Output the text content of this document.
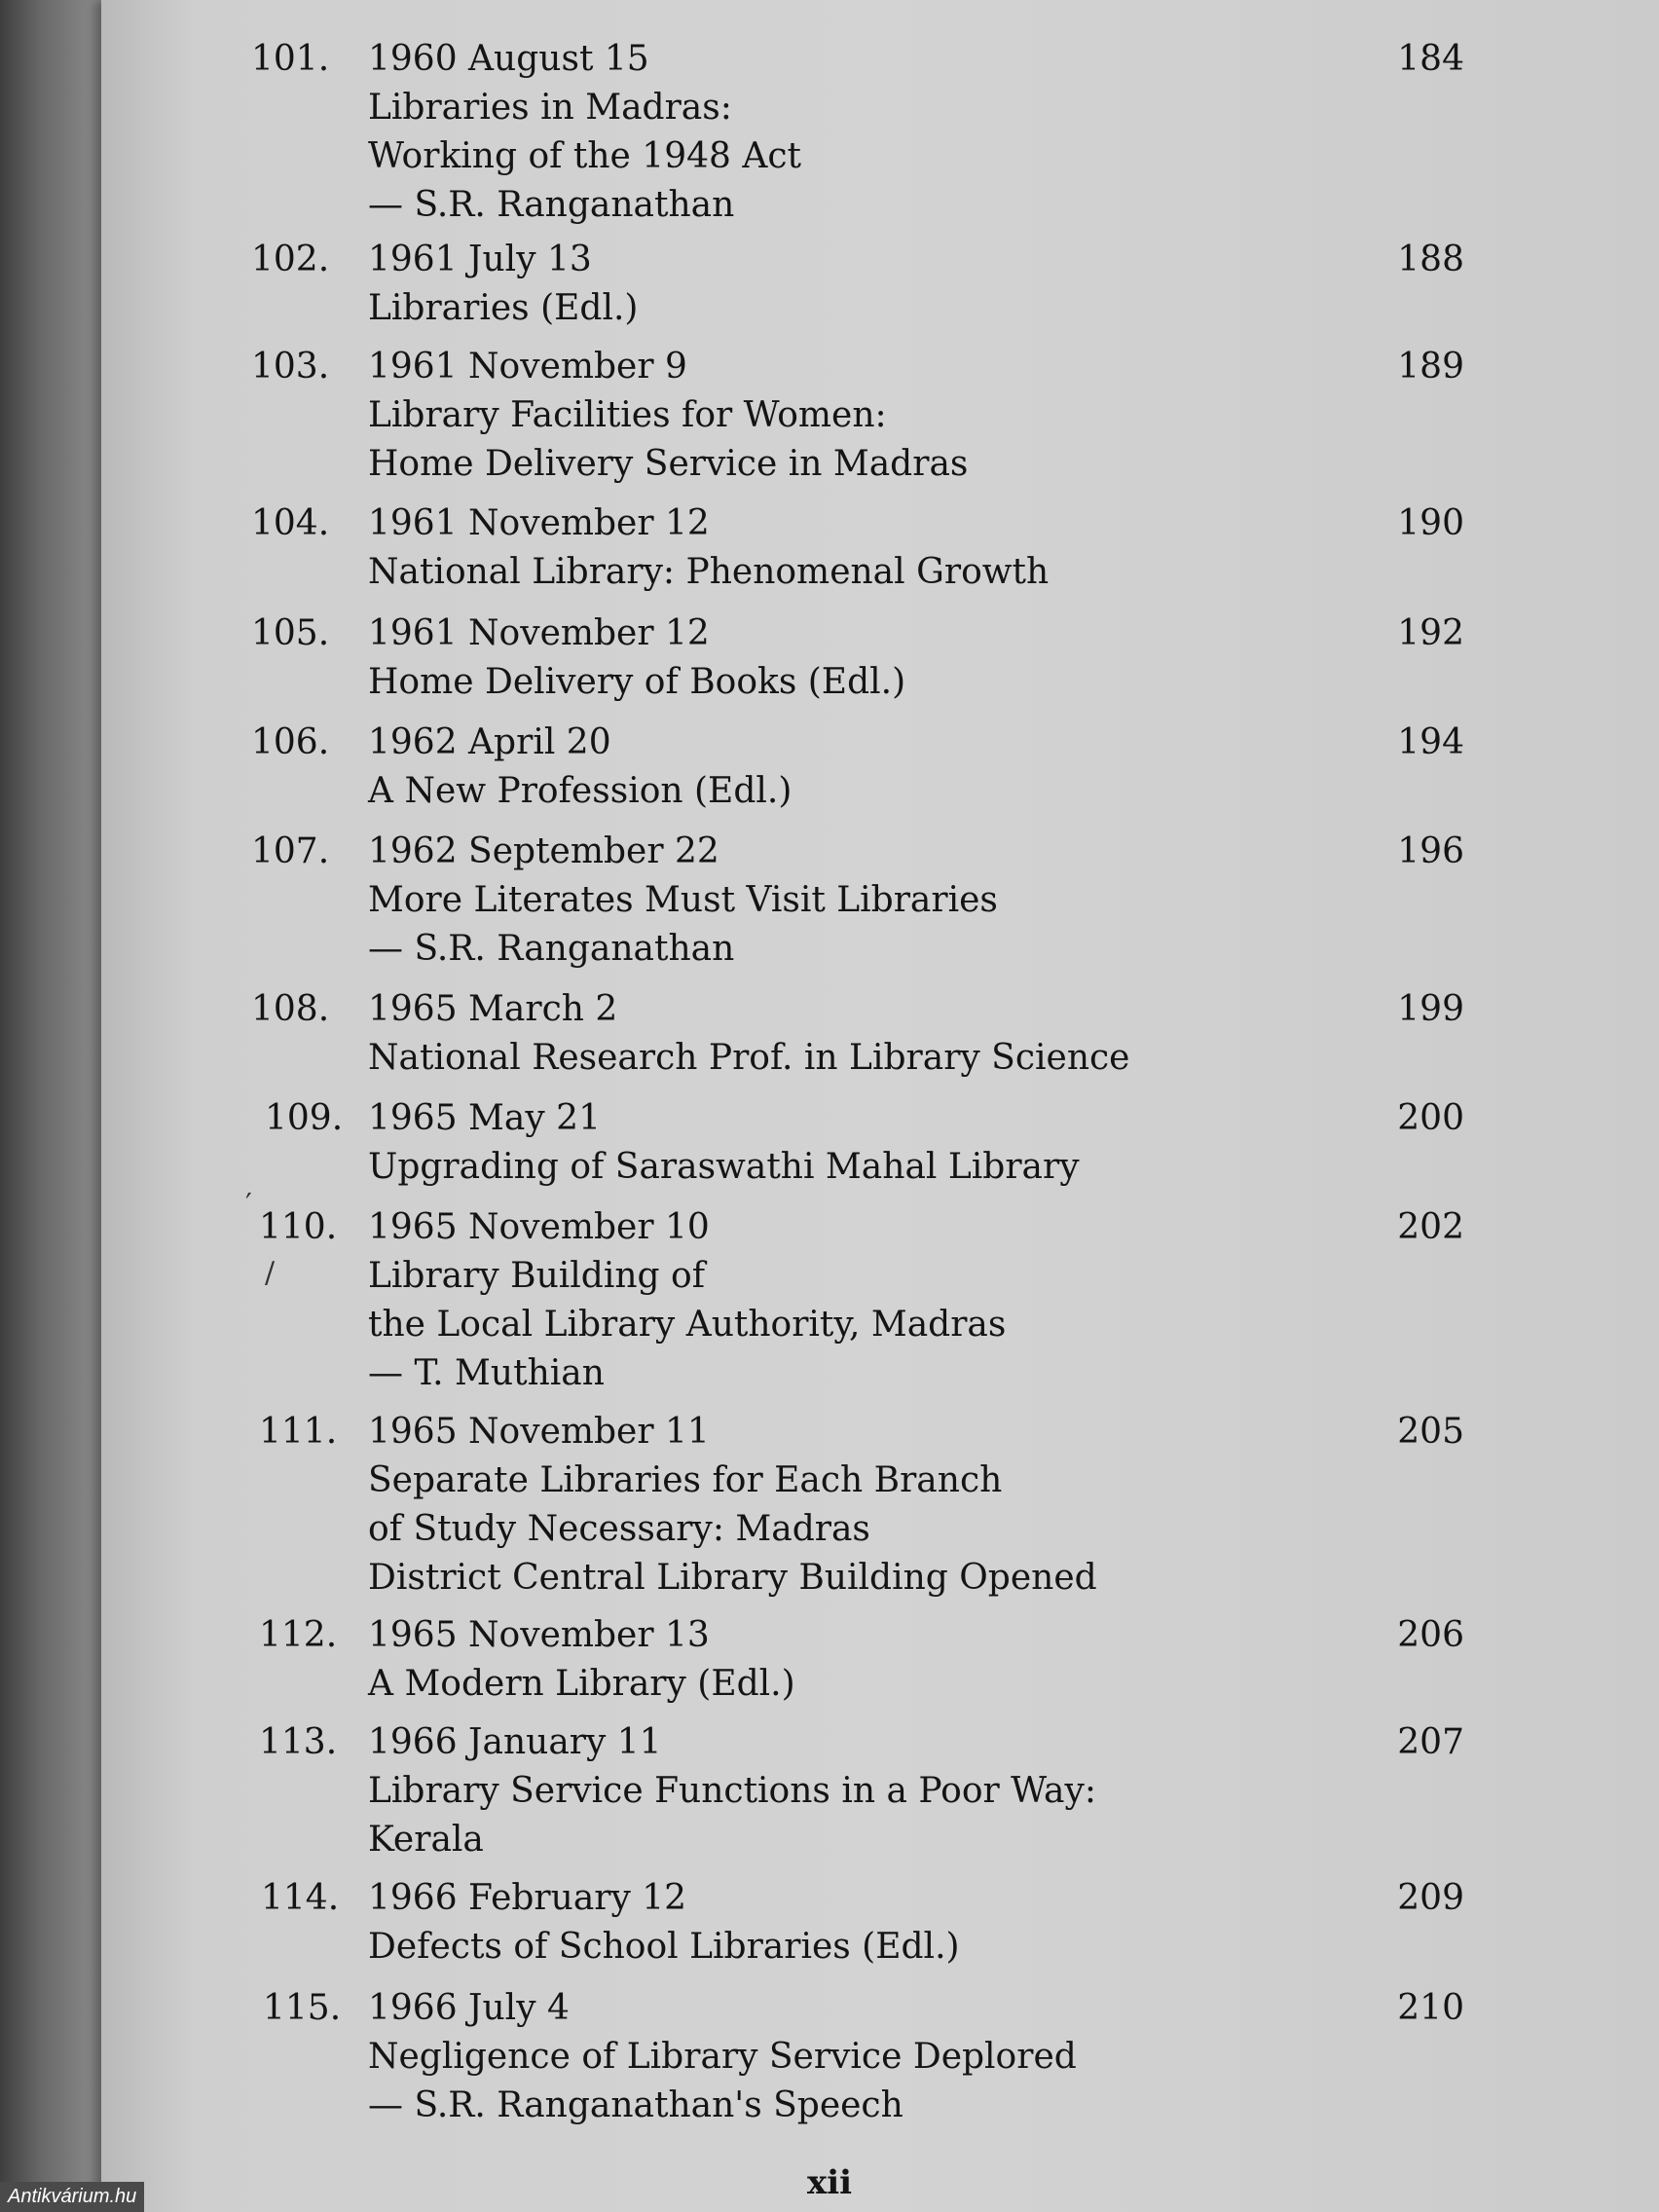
101.	1960 August 15
Libraries in Madras:
Working of the 1948 Act
— S.R. Ranganathan
184
102.	1961 July 13
Libraries (Edl.)
188
103.	1961 November 9
Library Facilities for Women:
Home Delivery Service in Madras
189
104.	1961 November 12
National Library: Phenomenal Growth
190
105.	1961 November 12
Home Delivery of Books (Edl.)
192
106.	1962 April 20
A New Profession (Edl.)
194
107.	1962 September 22
More Literates Must Visit Libraries
— S.R. Ranganathan
196
108.	1965 March 2
National Research Prof. in Library Science
199
109. 1965 May 21
Upgrading of Saraswathi Mahal Library
200
110. 1965 November 10
Library Building of
the Local Library Authority, Madras
— T. Muthian
202
111. 1965 November 11
Separate Libraries for Each Branch
of Study Necessary: Madras
District Central Library Building Opened
205
112. 1965 November 13
A Modern Library (Edl.)
206
113. 1966 January 11
Library Service Functions in a Poor Way:
Kerala
207
114. 1966 February 12
Defects of School Libraries (Edl.)
209
115. 1966 July 4
Negligence of Library Service Deplored
— S.R. Ranganathan's Speech
210
′
/
xii
Antikvárium.hu
